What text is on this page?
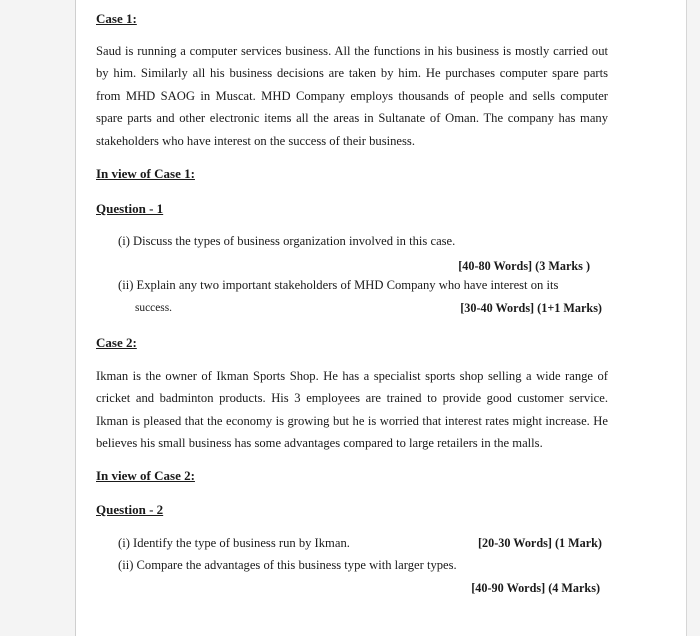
Case 1:

Saud is running a computer services business. All the functions in his business is mostly carried out by him. Similarly all his business decisions are taken by him. He purchases computer spare parts from MHD SAOG in Muscat. MHD Company employs thousands of people and sells computer spare parts and other electronic items all the areas in Sultanate of Oman. The company has many stakeholders who have interest on the success of their business.

In view of Case 1:
Question - 1
(i) Discuss the types of business organization involved in this case.
[40-80 Words] (3 Marks )
(ii) Explain any two important stakeholders of MHD Company who have interest on its
success.	[30-40 Words] (1+1 Marks)
Case 2:

Ikman is the owner of Ikman Sports Shop. He has a specialist sports shop selling a wide range of cricket and badminton products. His 3 employees are trained to provide good customer service. Ikman is pleased that the economy is growing but he is worried that interest rates might increase. He believes his small business has some advantages compared to large retailers in the malls.

In view of Case 2:
Question - 2
(i) Identify the type of business run by Ikman.	[20-30 Words] (1 Mark)
(ii) Compare the advantages of this business type with larger types.
[40-90 Words] (4 Marks)
